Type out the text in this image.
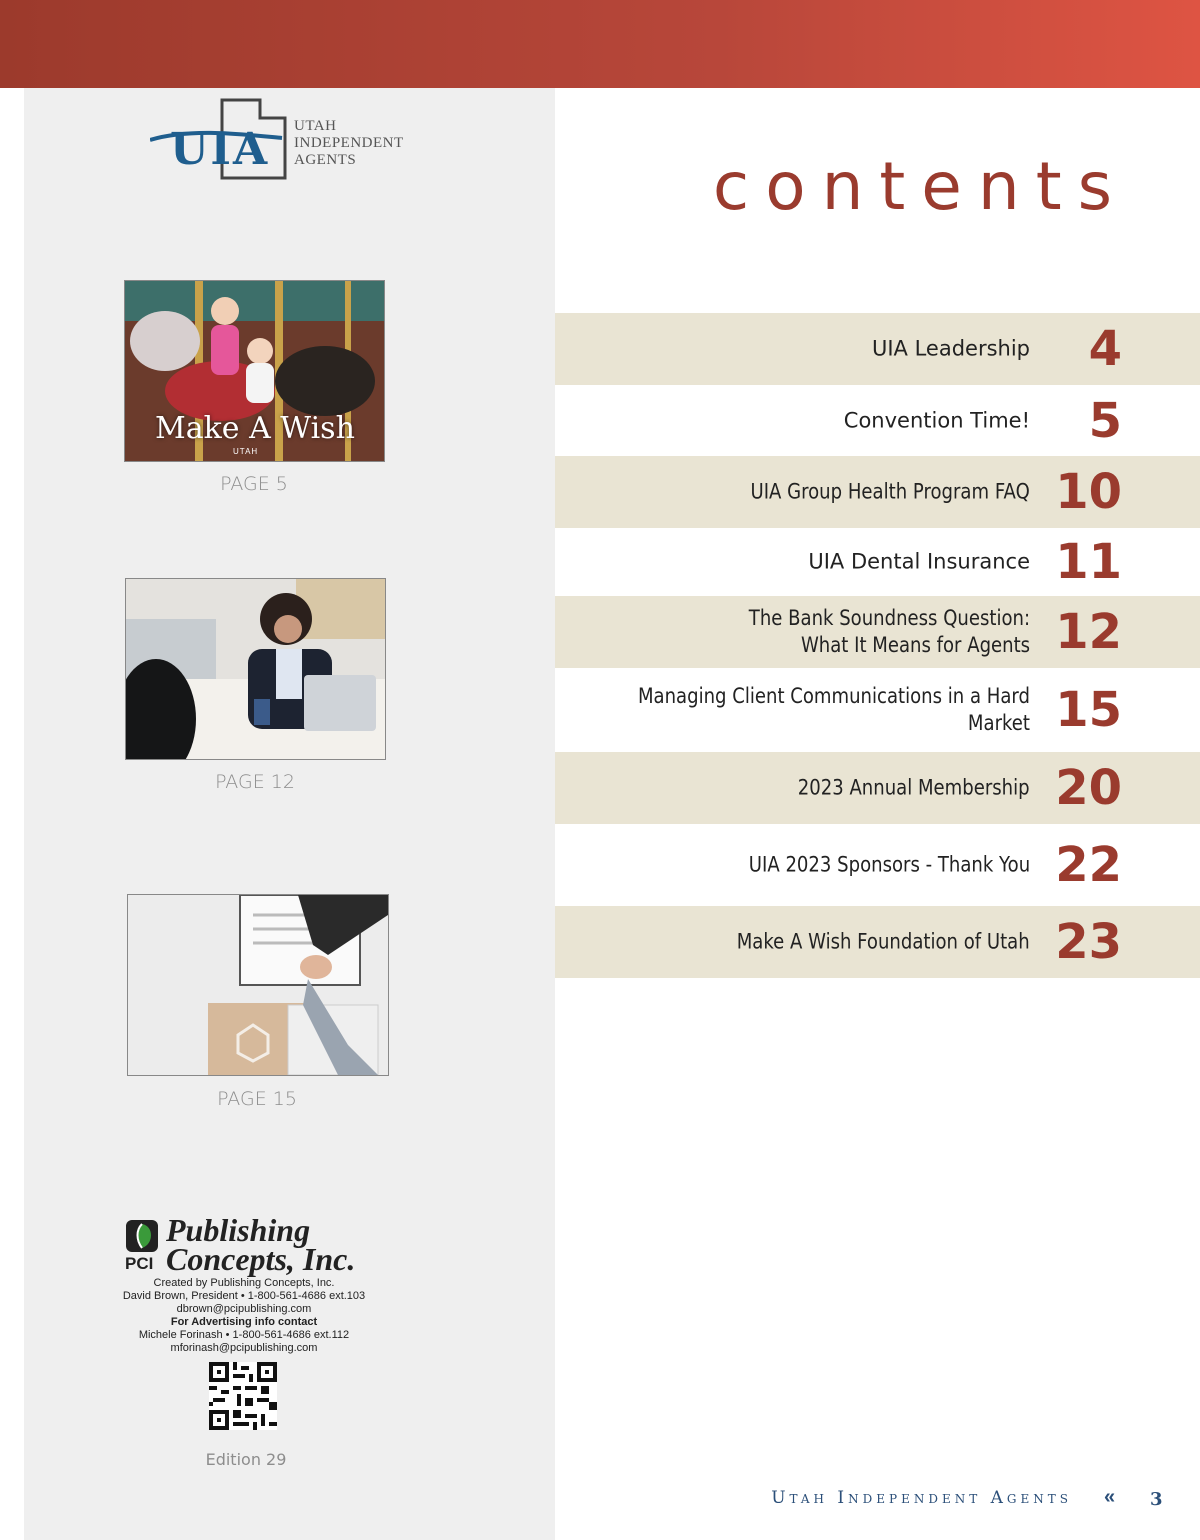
UIA UTAH
INDEPENDENT
AGENTS
Make A Wish
UTAH
PAGE 5
PAGE 12
PAGE 15
Publishing
Concepts, Inc.
PCI
Created by Publishing Concepts, Inc.
David Brown, President • 1-800-561-4686 ext.103
dbrown@pcipublishing.com
For Advertising info contact
Michele Forinash • 1-800-561-4686 ext.112
mforinash@pcipublishing.com
Edition 29
contents
UIA Leadership 4
Convention Time! 5
UIA Group Health Program FAQ 10
UIA Dental Insurance 11
The Bank Soundness Question:
What It Means for Agents 12
Managing Client Communications in a Hard Market 15
2023 Annual Membership 20
UIA 2023 Sponsors - Thank You 22
Make A Wish Foundation of Utah 23
Utah Independent Agents « 3
